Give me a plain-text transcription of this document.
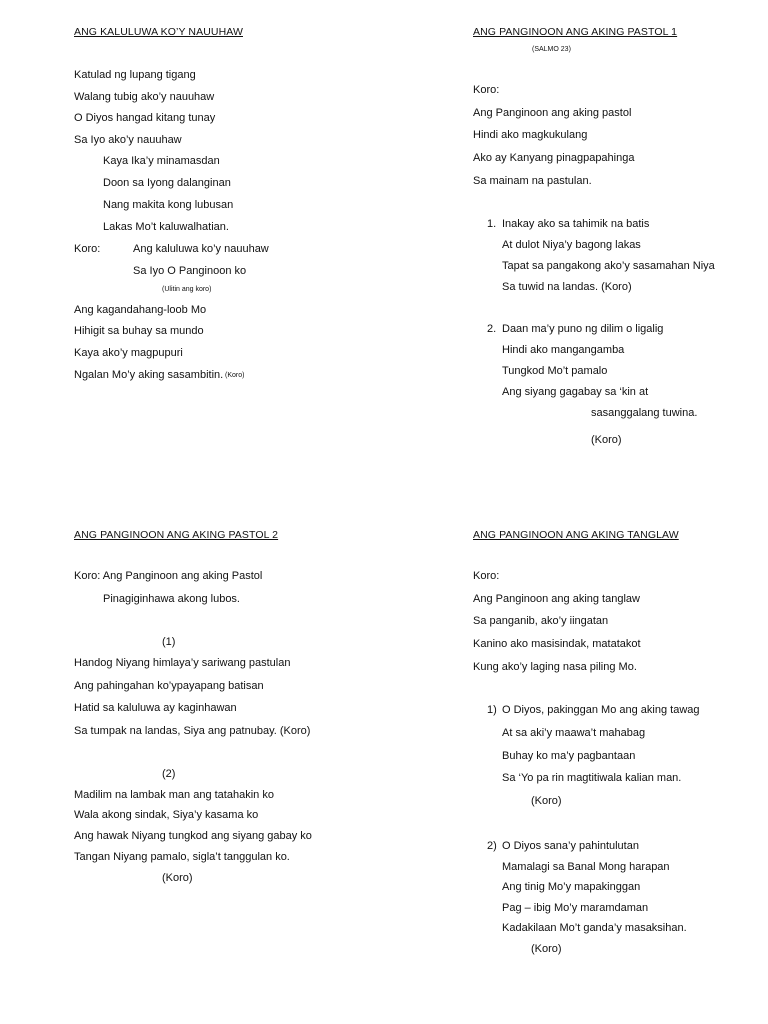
ANG KALULUWA KO’Y NAUUHAW
Katulad ng lupang tigang
Walang tubig ako’y nauuhaw
O Diyos hangad kitang tunay
Sa Iyo ako’y nauuhaw
Kaya Ika’y minamasdan
Doon sa Iyong dalanginan
Nang makita kong lubusan
Lakas Mo’t kaluwalhatian.
Koro:	Ang kaluluwa ko’y nauuhaw
Sa Iyo O Panginoon ko
(Ulitin ang koro)
Ang kagandahang-loob Mo
Hihigit sa buhay sa mundo
Kaya ako’y magpupuri
Ngalan Mo’y aking sasambitin. (Koro)
ANG PANGINOON ANG AKING PASTOL 1
(SALMO 23)
Koro:
Ang Panginoon ang aking pastol
Hindi ako magkukulang
Ako ay Kanyang pinagpapahinga
Sa mainam na pastulan.
1. Inakay ako sa tahimik na batis
At dulot Niya’y bagong lakas
Tapat sa pangakong ako’y sasamahan Niya
Sa tuwid na landas. (Koro)
2. Daan ma’y puno ng dilim o ligalig
Hindi ako mangangamba
Tungkod Mo’t pamalo
Ang siyang gagabay sa ‘kin at
sasanggalang tuwina.
(Koro)
ANG PANGINOON ANG AKING PASTOL 2
Koro: Ang Panginoon ang aking Pastol
Pinagiginhawa akong lubos.
(1)
Handog Niyang himlaya’y sariwang pastulan
Ang pahingahan ko’ypayapang batisan
Hatid sa kaluluwa ay kaginhawan
Sa tumpak na landas, Siya ang patnubay. (Koro)
(2)
Madilim na lambak man ang tatahakin ko
Wala akong sindak, Siya’y kasama ko
Ang hawak Niyang tungkod ang siyang gabay ko
Tangan Niyang pamalo, sigla’t tanggulan ko.
(Koro)
ANG PANGINOON ANG AKING TANGLAW
Koro:
Ang Panginoon ang aking tanglaw
Sa panganib, ako’y iingatan
Kanino ako masisindak, matatakot
Kung ako’y laging nasa piling Mo.
1) O Diyos, pakinggan Mo ang aking tawag
At sa aki’y maawa’t mahabag
Buhay ko ma’y pagbantaan
Sa ‘Yo pa rin magtitiwala kalian man.
(Koro)
2) O Diyos sana’y pahintulutan
Mamalagi sa Banal Mong harapan
Ang tinig Mo’y mapakinggan
Pag – ibig Mo’y maramdaman
Kadakilaan Mo’t ganda’y masaksihan.
(Koro)
